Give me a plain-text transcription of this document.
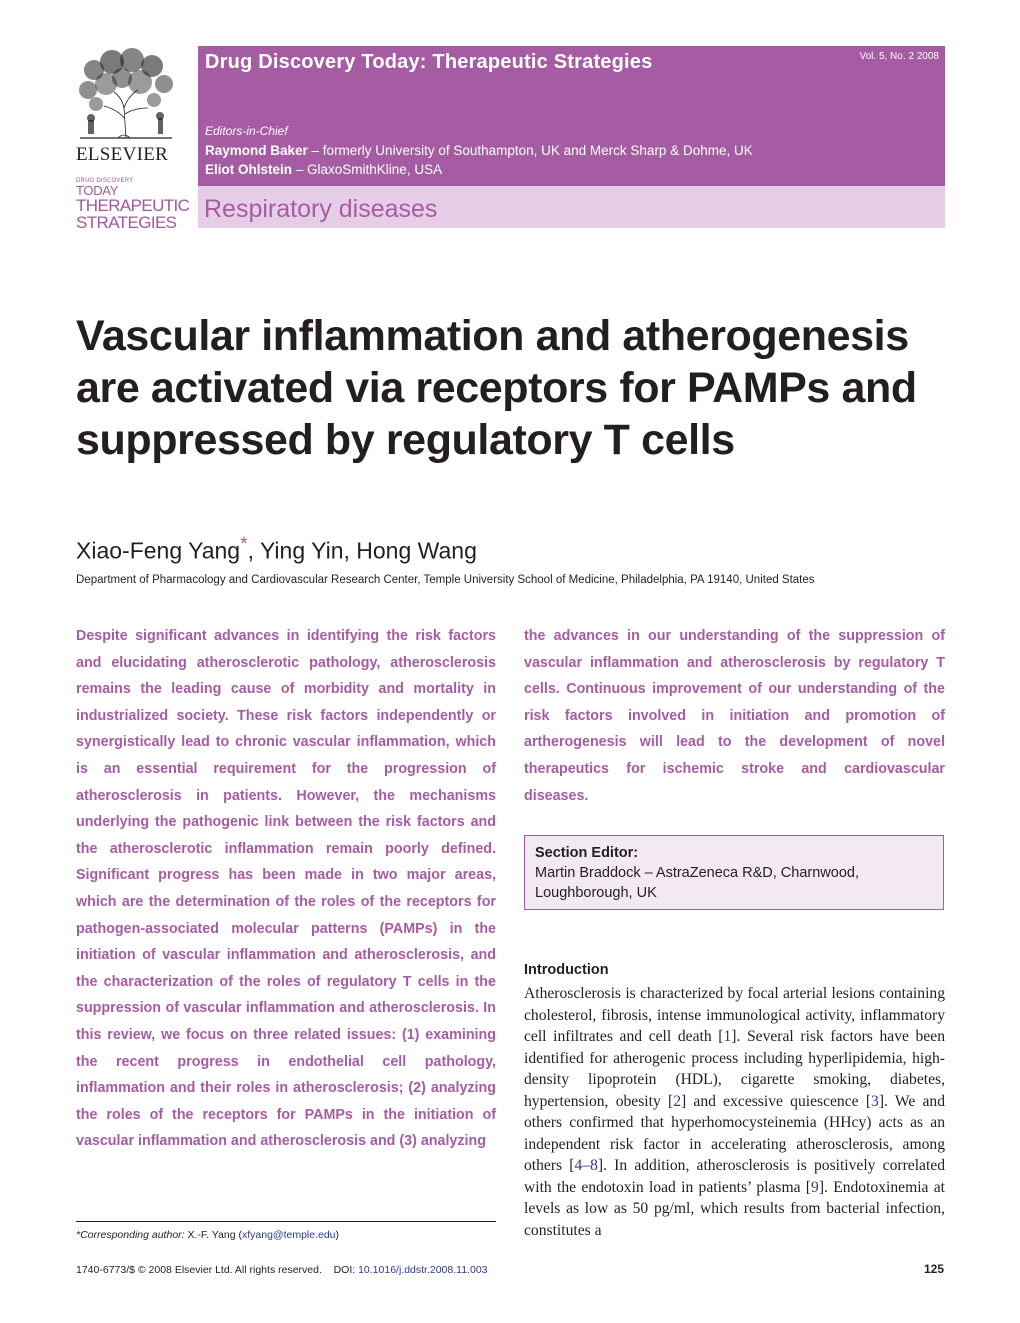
ELSEVIER
DRUG DISCOVERY
TODAY
THERAPEUTIC
STRATEGIES
Drug Discovery Today: Therapeutic Strategies	Vol. 5, No. 2 2008
Editors-in-Chief
Raymond Baker – formerly University of Southampton, UK and Merck Sharp & Dohme, UK
Eliot Ohlstein – GlaxoSmithKline, USA
Respiratory diseases
Vascular inflammation and atherogenesis are activated via receptors for PAMPs and suppressed by regulatory T cells
Xiao-Feng Yang*, Ying Yin, Hong Wang
Department of Pharmacology and Cardiovascular Research Center, Temple University School of Medicine, Philadelphia, PA 19140, United States
Despite significant advances in identifying the risk factors and elucidating atherosclerotic pathology, atherosclerosis remains the leading cause of morbidity and mortality in industrialized society. These risk factors independently or synergistically lead to chronic vascular inflammation, which is an essential requirement for the progression of atherosclerosis in patients. However, the mechanisms underlying the pathogenic link between the risk factors and the atherosclerotic inflammation remain poorly defined. Significant progress has been made in two major areas, which are the determination of the roles of the receptors for pathogen-associated molecular patterns (PAMPs) in the initiation of vascular inflammation and atherosclerosis, and the characterization of the roles of regulatory T cells in the suppression of vascular inflammation and atherosclerosis. In this review, we focus on three related issues: (1) examining the recent progress in endothelial cell pathology, inflammation and their roles in atherosclerosis; (2) analyzing the roles of the receptors for PAMPs in the initiation of vascular inflammation and atherosclerosis and (3) analyzing
the advances in our understanding of the suppression of vascular inflammation and atherosclerosis by regulatory T cells. Continuous improvement of our understanding of the risk factors involved in initiation and promotion of artherogenesis will lead to the development of novel therapeutics for ischemic stroke and cardiovascular diseases.
Section Editor:
Martin Braddock – AstraZeneca R&D, Charnwood, Loughborough, UK
Introduction
Atherosclerosis is characterized by focal arterial lesions containing cholesterol, fibrosis, intense immunological activity, inflammatory cell infiltrates and cell death [1]. Several risk factors have been identified for atherogenic process including hyperlipidemia, high-density lipoprotein (HDL), cigarette smoking, diabetes, hypertension, obesity [2] and excessive quiescence [3]. We and others confirmed that hyperhomocysteinemia (HHcy) acts as an independent risk factor in accelerating atherosclerosis, among others [4–8]. In addition, atherosclerosis is positively correlated with the endotoxin load in patients’ plasma [9]. Endotoxinemia at levels as low as 50 pg/ml, which results from bacterial infection, constitutes a
*Corresponding author: X.-F. Yang (xfyang@temple.edu)
1740-6773/$ © 2008 Elsevier Ltd. All rights reserved. DOI: 10.1016/j.ddstr.2008.11.003	125
